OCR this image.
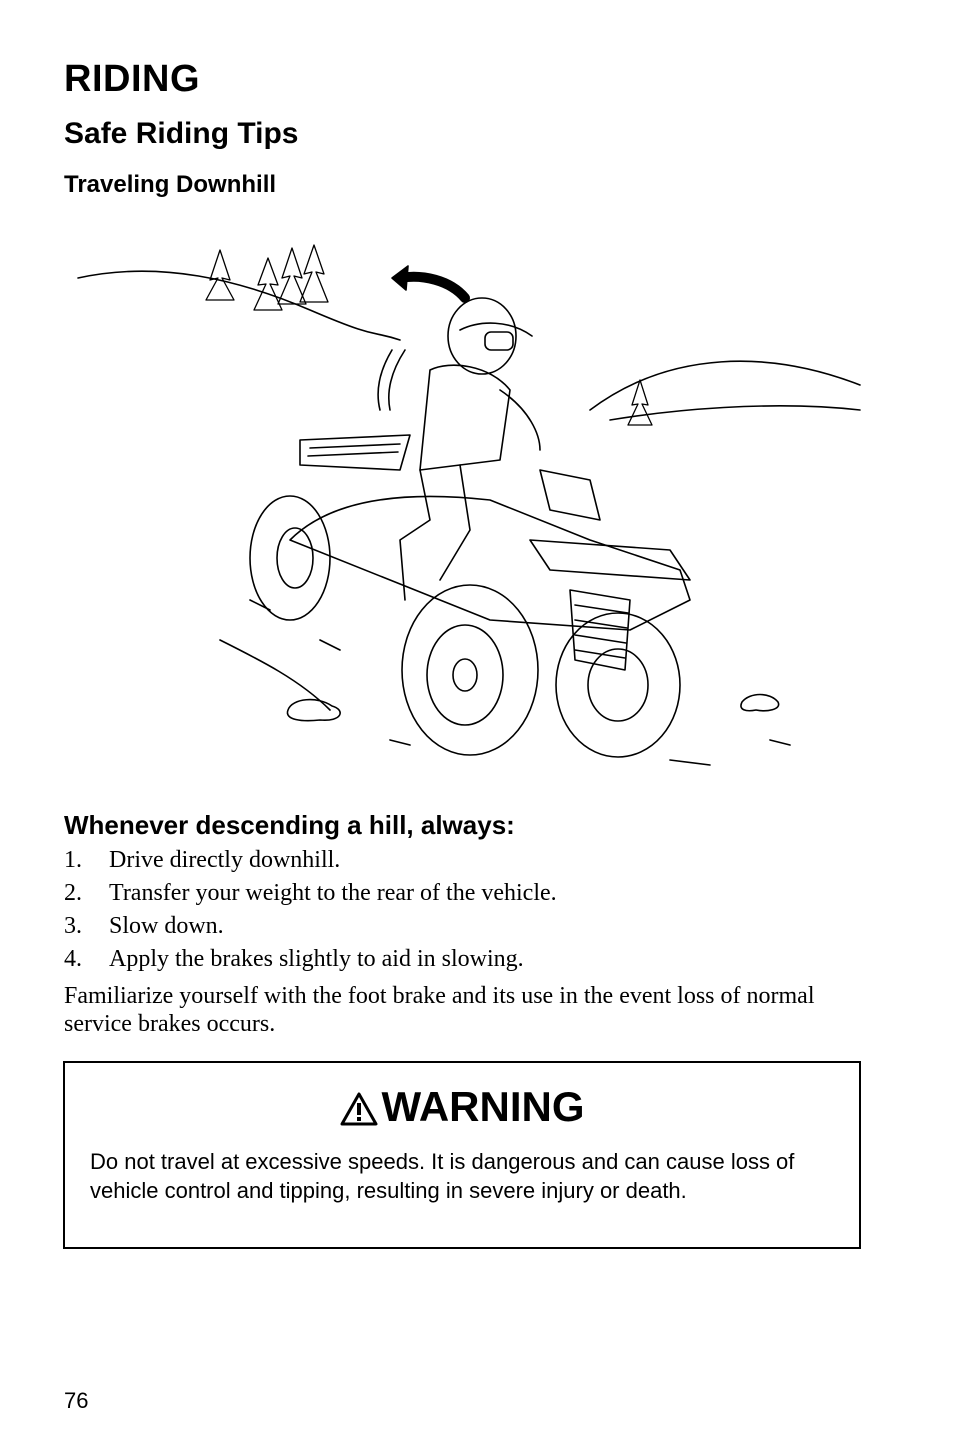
RIDING
Safe Riding Tips
Traveling Downhill
Whenever descending a hill, always:
1.	Drive directly downhill.
2.	Transfer your weight to the rear of the vehicle.
3.	Slow down.
4.	Apply the brakes slightly to aid in slowing.

Familiarize yourself with the foot brake and its use in the event loss of normal service brakes occurs.

WARNING

Do not travel at excessive speeds. It is dangerous and can cause loss of vehicle control and tipping, resulting in severe injury or death.

76
